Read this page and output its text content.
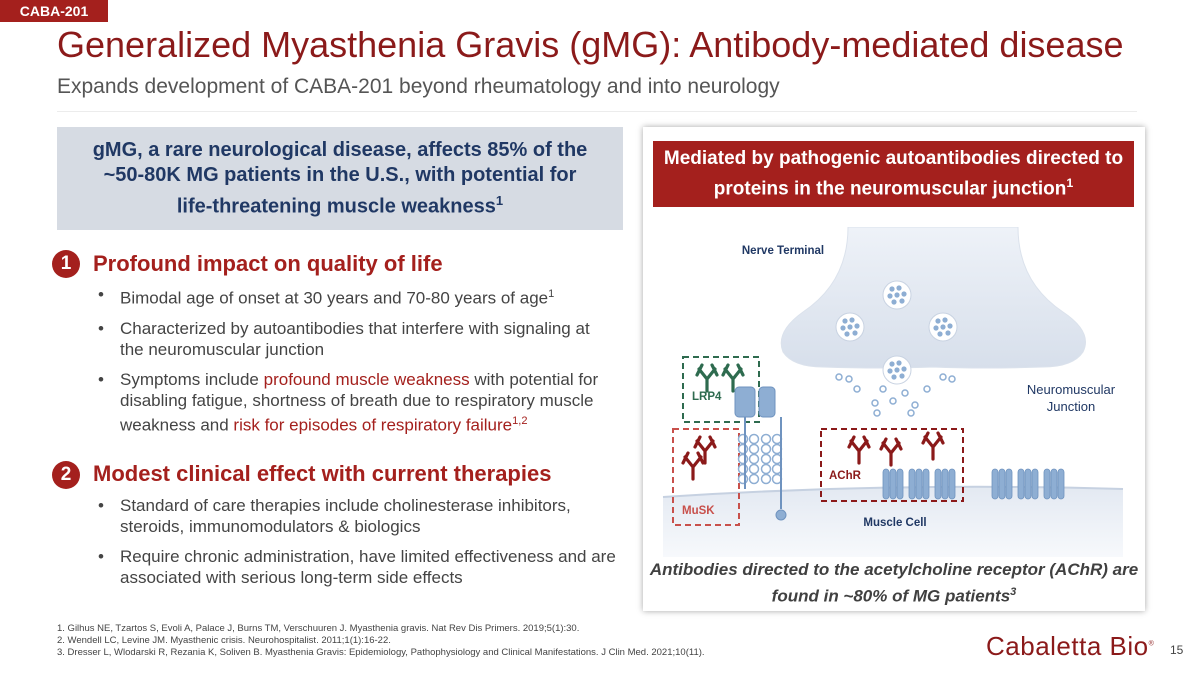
CABA-201
Generalized Myasthenia Gravis (gMG): Antibody-mediated disease
Expands development of CABA-201 beyond rheumatology and into neurology
gMG, a rare neurological disease, affects 85% of the ~50-80K MG patients in the U.S., with potential for life-threatening muscle weakness$^1$
1 Profound impact on quality of life
• Bimodal age of onset at 30 years and 70-80 years of age$^1$
• Characterized by autoantibodies that interfere with signaling at the neuromuscular junction
• Symptoms include profound muscle weakness with potential for disabling fatigue, shortness of breath due to respiratory muscle weakness and risk for episodes of respiratory failure$^{1,2}$
2 Modest clinical effect with current therapies
• Standard of care therapies include cholinesterase inhibitors, steroids, immunomodulators & biologics
• Require chronic administration, have limited effectiveness and are associated with serious long-term side effects
1. Gilhus NE, Tzartos S, Evoli A, Palace J, Burns TM, Verschuuren J. Myasthenia gravis. Nat Rev Dis Primers. 2019;5(1):30.
2. Wendell LC, Levine JM. Myasthenic crisis. Neurohospitalist. 2011;1(1):16-22.
3. Dresser L, Wlodarski R, Rezania K, Soliven B. Myasthenia Gravis: Epidemiology, Pathophysiology and Clinical Manifestations. J Clin Med. 2021;10(11).
Mediated by pathogenic autoantibodies directed to proteins in the neuromuscular junction$^1$
Nerve Terminal
Neuromuscular
Junction
LRP4
AChR
MuSK
Muscle Cell
Antibodies directed to the acetylcholine receptor (AChR) are found in ~80% of MG patients$^3$
Cabaletta Bio® 15
